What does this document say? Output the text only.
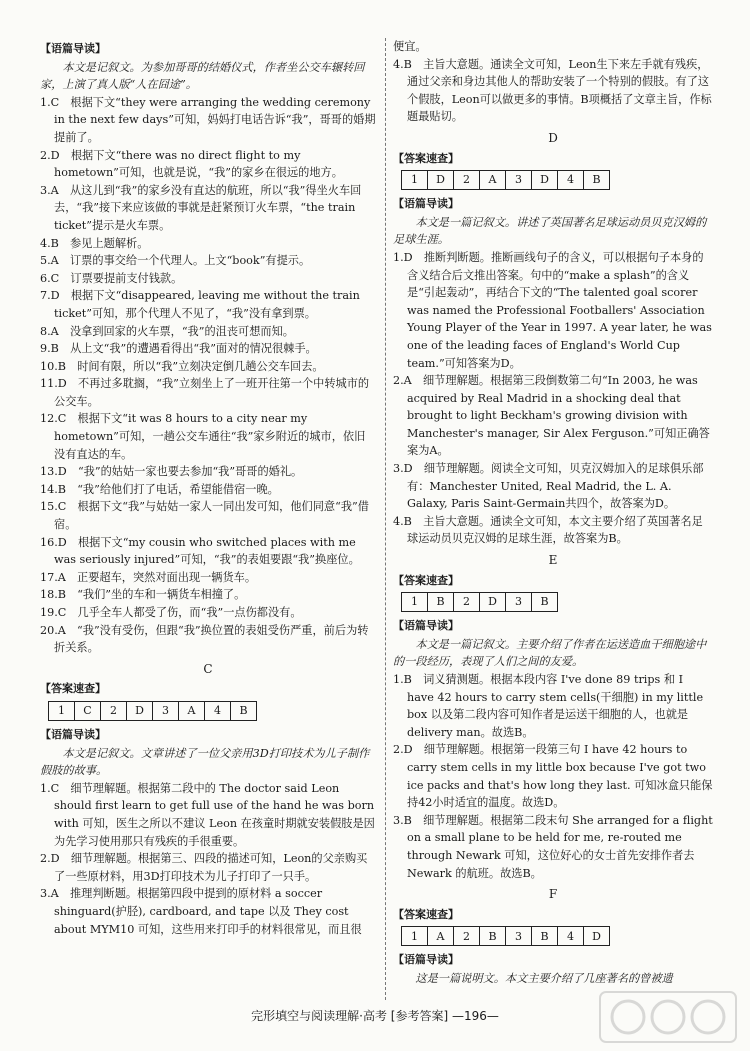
【语篇导读】

本文是记叙文。为参加哥哥的结婚仪式，作者坐公交车辗转回家，上演了真人版“人在囧途”。

1.C　根据下文“they were arranging the wedding ceremony in the next few days”可知，妈妈打电话告诉“我”，哥哥的婚期提前了。

2.D　根据下文“there was no direct flight to my hometown”可知，也就是说，“我”的家乡在很远的地方。

3.A　从这儿到“我”的家乡没有直达的航班，所以“我”得坐火车回去，“我”接下来应该做的事就是赶紧预订火车票，“the train ticket”提示是火车票。

4.B　参见上题解析。

5.A　订票的事交给一个代理人。上文“book”有提示。

6.C　订票要提前支付钱款。

7.D　根据下文“disappeared, leaving me without the train ticket”可知，那个代理人不见了，“我”没有拿到票。

8.A　没拿到回家的火车票，“我”的沮丧可想而知。

9.B　从上文“我”的遭遇看得出“我”面对的情况很棘手。

10.B　时间有限，所以“我”立刻决定倒几趟公交车回去。

11.D　不再过多耽搁，“我”立刻坐上了一班开往第一个中转城市的公交车。

12.C　根据下文“it was 8 hours to a city near my hometown”可知，一趟公交车通往“我”家乡附近的城市，依旧没有直达的车。

13.D　“我”的姑姑一家也要去参加“我”哥哥的婚礼。

14.B　“我”给他们打了电话，希望能借宿一晚。

15.C　根据下文“我”与姑姑一家人一同出发可知，他们同意“我”借宿。

16.D　根据下文“my cousin who switched places with me was seriously injured”可知，“我”的表姐要跟“我”换座位。

17.A　正要超车，突然对面出现一辆货车。

18.B　“我们”坐的车和一辆货车相撞了。

19.C　几乎全车人都受了伤，而“我”一点伤都没有。

20.A　“我”没有受伤，但跟“我”换位置的表姐受伤严重，前后为转折关系。

C

【答案速查】

1	C	2	D	3	A	4	B

【语篇导读】

本文是记叙文。文章讲述了一位父亲用3D打印技术为儿子制作假肢的故事。

1.C　细节理解题。根据第二段中的 The doctor said Leon should first learn to get full use of the hand he was born with 可知，医生之所以不建议 Leon 在孩童时期就安装假肢是因为先学习使用那只有残疾的手很重要。

2.D　细节理解题。根据第三、四段的描述可知，Leon的父亲购买了一些原材料，用3D打印技术为儿子打印了一只手。

3.A　推理判断题。根据第四段中提到的原材料 a soccer shinguard(护胫), cardboard, and tape 以及 They cost about MYM10 可知，这些用来打印手的材料很常见，而且很

便宜。

4.B　主旨大意题。通读全文可知，Leon生下来左手就有残疾，通过父亲和身边其他人的帮助安装了一个特别的假肢。有了这个假肢，Leon可以做更多的事情。B项概括了文章主旨，作标题最贴切。

D

【答案速查】

1	D	2	A	3	D	4	B

【语篇导读】

本文是一篇记叙文。讲述了英国著名足球运动员贝克汉姆的足球生涯。

1.D　推断判断题。推断画线句子的含义，可以根据句子本身的含义结合后文推出答案。句中的“make a splash”的含义是“引起轰动”，再结合下文的“The talented goal scorer was named the Professional Footballers' Association Young Player of the Year in 1997. A year later, he was one of the leading faces of England's World Cup team.”可知答案为D。

2.A　细节理解题。根据第三段倒数第二句“In 2003, he was acquired by Real Madrid in a shocking deal that brought to light Beckham's growing division with Manchester's manager, Sir Alex Ferguson.”可知正确答案为A。

3.D　细节理解题。阅读全文可知，贝克汉姆加入的足球俱乐部有：Manchester United, Real Madrid, the L. A. Galaxy, Paris Saint-Germain共四个，故答案为D。

4.B　主旨大意题。通读全文可知，本文主要介绍了英国著名足球运动员贝克汉姆的足球生涯，故答案为B。

E

【答案速查】

1	B	2	D	3	B

【语篇导读】

本文是一篇记叙文。主要介绍了作者在运送造血干细胞途中的一段经历，表现了人们之间的友爱。

1.B　词义猜测题。根据本段内容 I've done 89 trips 和 I have 42 hours to carry stem cells(干细胞) in my little box 以及第二段内容可知作者是运送干细胞的人，也就是 delivery man。故选B。

2.D　细节理解题。根据第一段第三句 I have 42 hours to carry stem cells in my little box because I've got two ice packs and that's how long they last. 可知冰盒只能保持42小时适宜的温度。故选D。

3.B　细节理解题。根据第二段末句 She arranged for a flight on a small plane to be held for me, re-routed me through Newark 可知，这位好心的女士首先安排作者去 Newark 的航班。故选B。

F

【答案速查】

1	A	2	B	3	B	4	D

【语篇导读】

这是一篇说明文。本文主要介绍了几座著名的曾被遗

完形填空与阅读理解·高考 [参考答案] —196—
